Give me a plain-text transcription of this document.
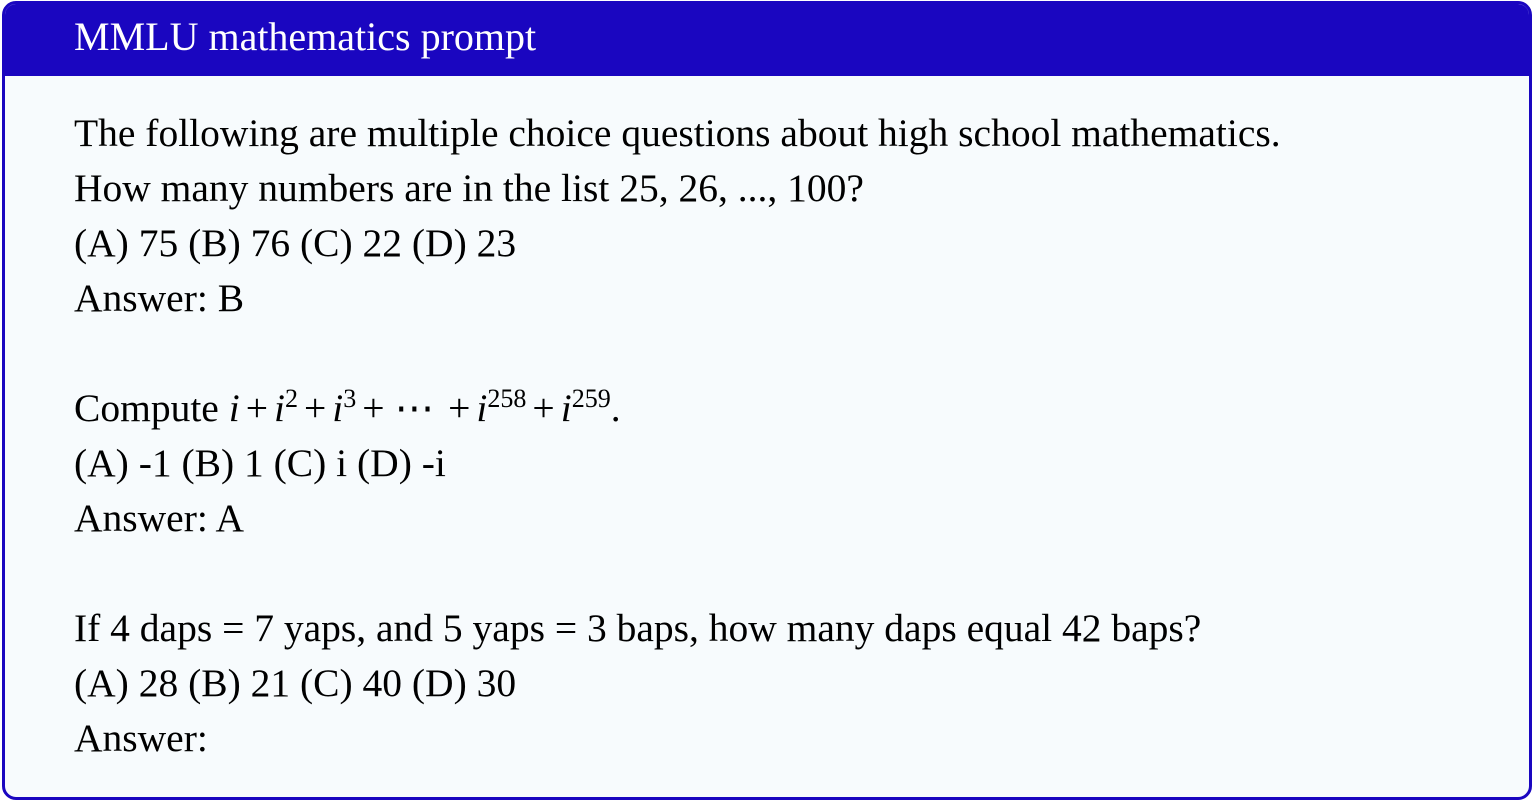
MMLU mathematics prompt
The following are multiple choice questions about high school mathematics.
How many numbers are in the list 25, 26, ..., 100?
(A) 75 (B) 76 (C) 22 (D) 23
Answer: B
Compute $i + i^2 + i^3$ + ⋯ + $i^{258} + i^{259}$.
(A) -1 (B) 1 (C) i (D) -i
Answer: A
If 4 daps = 7 yaps, and 5 yaps = 3 baps, how many daps equal 42 baps?
(A) 28 (B) 21 (C) 40 (D) 30
Answer:
